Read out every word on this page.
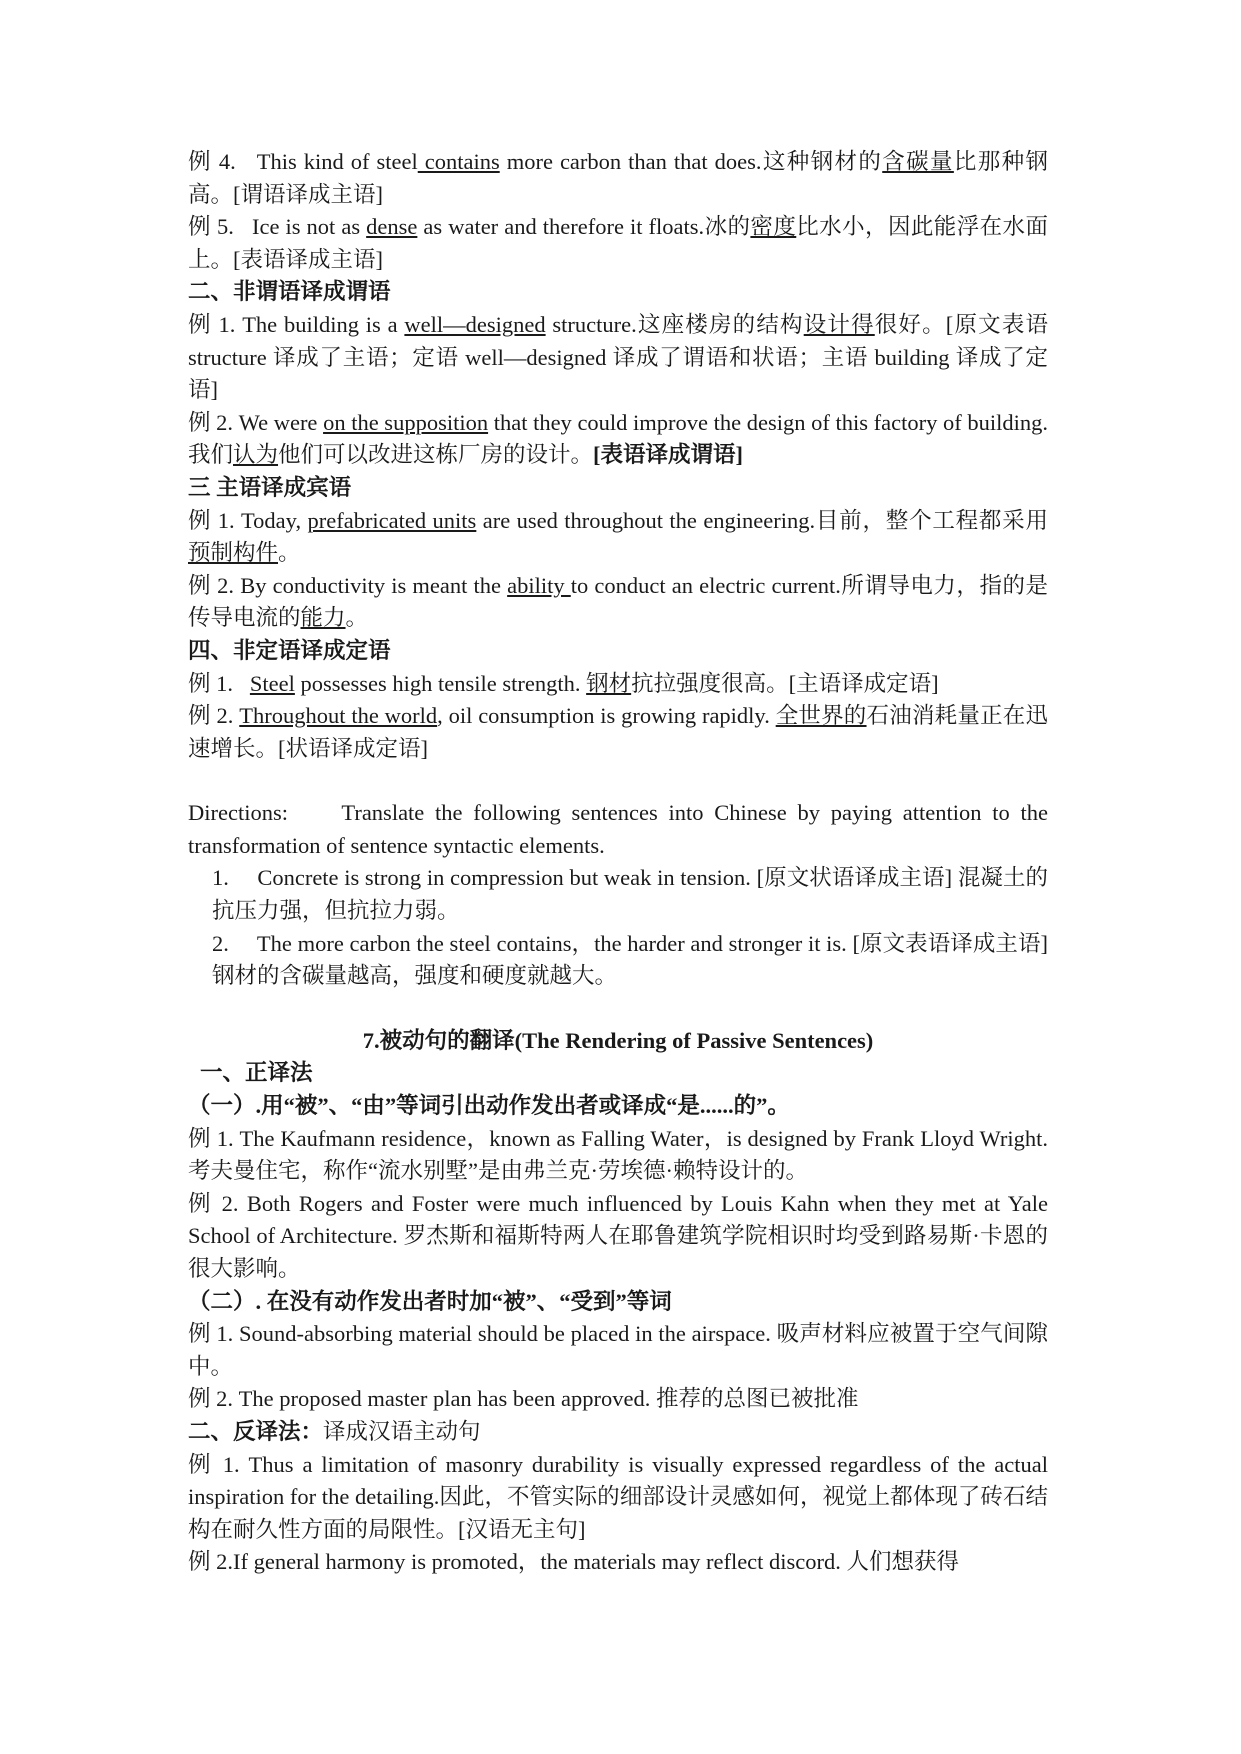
例 4. This kind of steel contains more carbon than that does.这种钢材的含碳量比那种钢高。[谓语译成主语]

例 5. Ice is not as dense as water and therefore it floats.冰的密度比水小，因此能浮在水面上。[表语译成主语]

二、非谓语译成谓语

例 1. The building is a well—designed structure.这座楼房的结构设计得很好。[原文表语 structure 译成了主语；定语 well—designed 译成了谓语和状语；主语 building 译成了定语]

例 2. We were on the supposition that they could improve the design of this factory of building. 我们认为他们可以改进这栋厂房的设计。[表语译成谓语]

三 主语译成宾语

例 1. Today, prefabricated units are used throughout the engineering.目前，整个工程都采用预制构件。

例 2. By conductivity is meant the ability to conduct an electric current.所谓导电力，指的是传导电流的能力。

四、非定语译成定语

例 1. Steel possesses high tensile strength. 钢材抗拉强度很高。[主语译成定语]

例 2. Throughout the world, oil consumption is growing rapidly. 全世界的石油消耗量正在迅速增长。[状语译成定语]

Directions: Translate the following sentences into Chinese by paying attention to the transformation of sentence syntactic elements.

1. Concrete is strong in compression but weak in tension. [原文状语译成主语] 混凝土的抗压力强，但抗拉力弱。

2. The more carbon the steel contains，the harder and stronger it is. [原文表语译成主语] 钢材的含碳量越高，强度和硬度就越大。

7.被动句的翻译(The Rendering of Passive Sentences)

一、正译法

（一）.用“被”、“由”等词引出动作发出者或译成“是......的”。

例 1. The Kaufmann residence，known as Falling Water，is designed by Frank Lloyd Wright. 考夫曼住宅，称作“流水别墅”是由弗兰克·劳埃德·赖特设计的。

例 2. Both Rogers and Foster were much influenced by Louis Kahn when they met at Yale School of Architecture. 罗杰斯和福斯特两人在耶鲁建筑学院相识时均受到路易斯·卡恩的很大影响。

（二）. 在没有动作发出者时加“被”、“受到”等词

例 1. Sound-absorbing material should be placed in the airspace. 吸声材料应被置于空气间隙中。

例 2. The proposed master plan has been approved. 推荐的总图已被批准

二、反译法：译成汉语主动句

例 1. Thus a limitation of masonry durability is visually expressed regardless of the actual inspiration for the detailing.因此，不管实际的细部设计灵感如何，视觉上都体现了砖石结构在耐久性方面的局限性。[汉语无主句]

例 2.If general harmony is promoted，the materials may reflect discord. 人们想获得
